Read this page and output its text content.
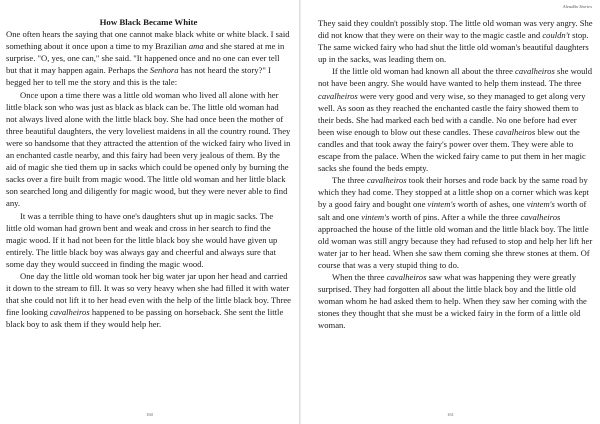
How Black Became White

One often hears the saying that one cannot make black white or white black. I said something about it once upon a time to my Brazilian ama and she stared at me in surprise. "O, yes, one can," she said. "It happened once and no one can ever tell but that it may happen again. Perhaps the Senhora has not heard the story?" I begged her to tell me the story and this is the tale:

Once upon a time there was a little old woman who lived all alone with her little black son who was just as black as black can be. The little old woman had not always lived alone with the little black boy. She had once been the mother of three beautiful daughters, the very loveliest maidens in all the country round. They were so handsome that they attracted the attention of the wicked fairy who lived in an enchanted castle nearby, and this fairy had been very jealous of them. By the aid of magic she tied them up in sacks which could be opened only by burning the sacks over a fire built from magic wood. The little old woman and her little black son searched long and diligently for magic wood, but they were never able to find any.

It was a terrible thing to have one's daughters shut up in magic sacks. The little old woman had grown bent and weak and cross in her search to find the magic wood. If it had not been for the little black boy she would have given up entirely. The little black boy was always gay and cheerful and always sure that some day they would succeed in finding the magic wood.

One day the little old woman took her big water jar upon her head and carried it down to the stream to fill. It was so very heavy when she had filled it with water that she could not lift it to her head even with the help of the little black boy. Three fine looking cavalheiros happened to be passing on horseback. She sent the little black boy to ask them if they would help her.

160
Aleadão Stories

They said they couldn't possibly stop. The little old woman was very angry. She did not know that they were on their way to the magic castle and couldn't stop. The same wicked fairy who had shut the little old woman's beautiful daughters up in the sacks, was leading them on.

If the little old woman had known all about the three cavalheiros she would not have been angry. She would have wanted to help them instead. The three cavalheiros were very good and very wise, so they managed to get along very well. As soon as they reached the enchanted castle the fairy showed them to their beds. She had marked each bed with a candle. No one before had ever been wise enough to blow out these candles. These cavalheiros blew out the candles and that took away the fairy's power over them. They were able to escape from the palace. When the wicked fairy came to put them in her magic sacks she found the beds empty.

The three cavalheiros took their horses and rode back by the same road by which they had come. They stopped at a little shop on a corner which was kept by a good fairy and bought one vintem's worth of ashes, one vintem's worth of salt and one vintem's worth of pins. After a while the three cavalheiros approached the house of the little old woman and the little black boy. The little old woman was still angry because they had refused to stop and help her lift her water jar to her head. When she saw them coming she threw stones at them. Of course that was a very stupid thing to do.

When the three cavalheiros saw what was happening they were greatly surprised. They had forgotten all about the little black boy and the little old woman whom he had asked them to help. When they saw her coming with the stones they thought that she must be a wicked fairy in the form of a little old woman.

161
